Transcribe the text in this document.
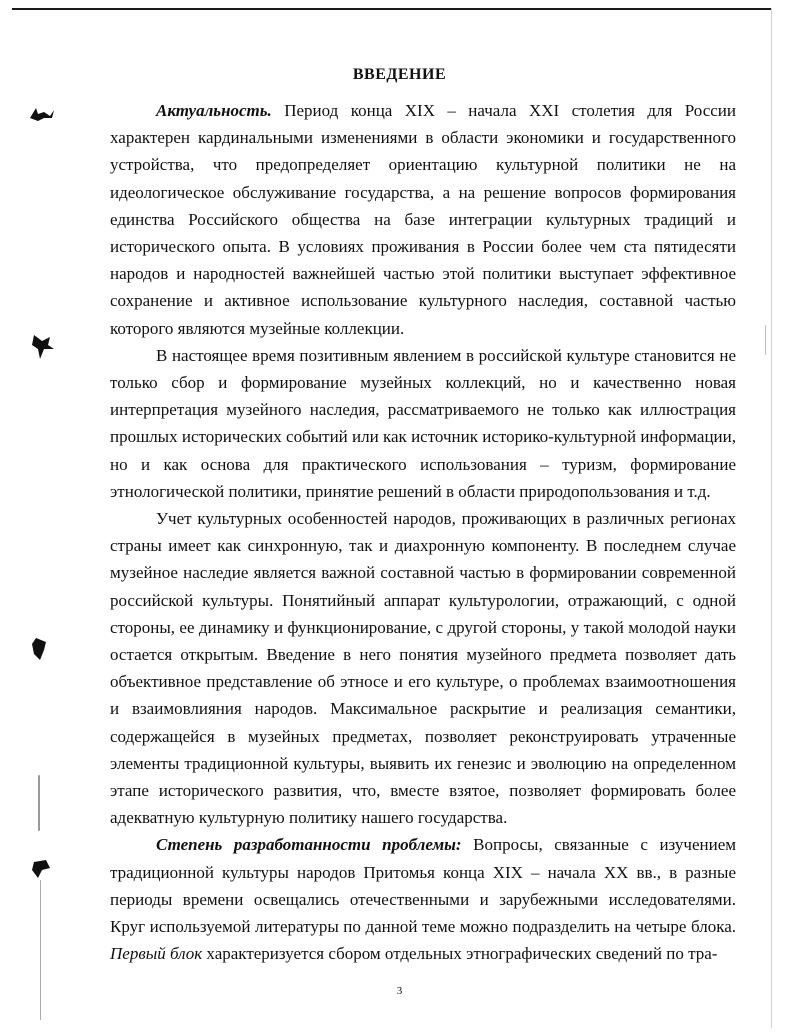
ВВЕДЕНИЕ

Актуальность. Период конца XIX – начала XXI столетия для России характерен кардинальными изменениями в области экономики и государственного устройства, что предопределяет ориентацию культурной политики не на идеологическое обслуживание государства, а на решение вопросов формирования единства Российского общества на базе интеграции культурных традиций и исторического опыта. В условиях проживания в России более чем ста пятидесяти народов и народностей важнейшей частью этой политики выступает эффективное сохранение и активное использование культурного наследия, составной частью которого являются музейные коллекции.

В настоящее время позитивным явлением в российской культуре становится не только сбор и формирование музейных коллекций, но и качественно новая интерпретация музейного наследия, рассматриваемого не только как иллюстрация прошлых исторических событий или как источник историко-культурной информации, но и как основа для практического использования – туризм, формирование этнологической политики, принятие решений в области природопользования и т.д.

Учет культурных особенностей народов, проживающих в различных регионах страны имеет как синхронную, так и диахронную компоненту. В последнем случае музейное наследие является важной составной частью в формировании современной российской культуры. Понятийный аппарат культурологии, отражающий, с одной стороны, ее динамику и функционирование, с другой стороны, у такой молодой науки остается открытым. Введение в него понятия музейного предмета позволяет дать объективное представление об этносе и его культуре, о проблемах взаимоотношения и взаимовлияния народов. Максимальное раскрытие и реализация семантики, содержащейся в музейных предметах, позволяет реконструировать утраченные элементы традиционной культуры, выявить их генезис и эволюцию на определенном этапе исторического развития, что, вместе взятое, позволяет формировать более адекватную культурную политику нашего государства.

Степень разработанности проблемы: Вопросы, связанные с изучением традиционной культуры народов Притомья конца XIX – начала XX вв., в разные периоды времени освещались отечественными и зарубежными исследователями. Круг используемой литературы по данной теме можно подразделить на четыре блока. Первый блок характеризуется сбором отдельных этнографических сведений по тра-

3
